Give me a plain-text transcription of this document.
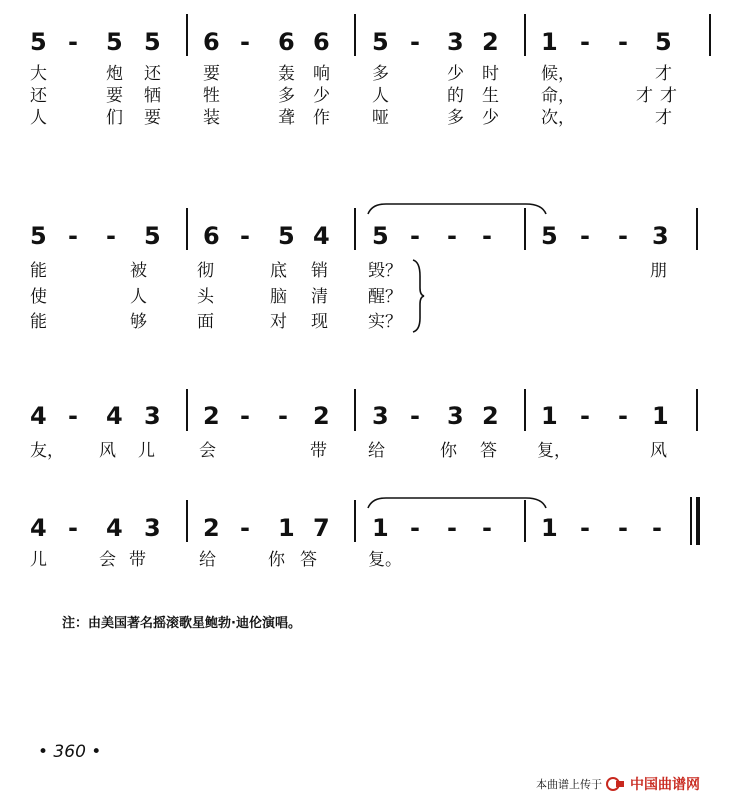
5 - 5 5 6 - 6 6 5 - 3 2 1 - - 5
大	炮 还 要	轰 响 多	少 时 候，	才
还	要 牺 牲	多 少 人	的 生 命，	才 才
人	们 要 装	聋 作 哑	多 少 次，	才
5 - - 5 6 - 5 4 5 - - - 5 - - 3
能	被	彻	底 销 毁？	朋
使	人	头	脑 清 醒？
能	够	面	对 现 实？
4 - 4 3 2 - - 2 3 - 3 2 1 - - 1
友， 风 儿	会	带 给	你 答 复，	风
4 - 4 3 2 - 1 7 1 - - - 1 - - -
儿	会 带	给	你 答	复。
注：由美国著名摇滚歌星鲍勃·迪伦演唱。
• 360 •
本曲谱上传于 中国曲谱网
